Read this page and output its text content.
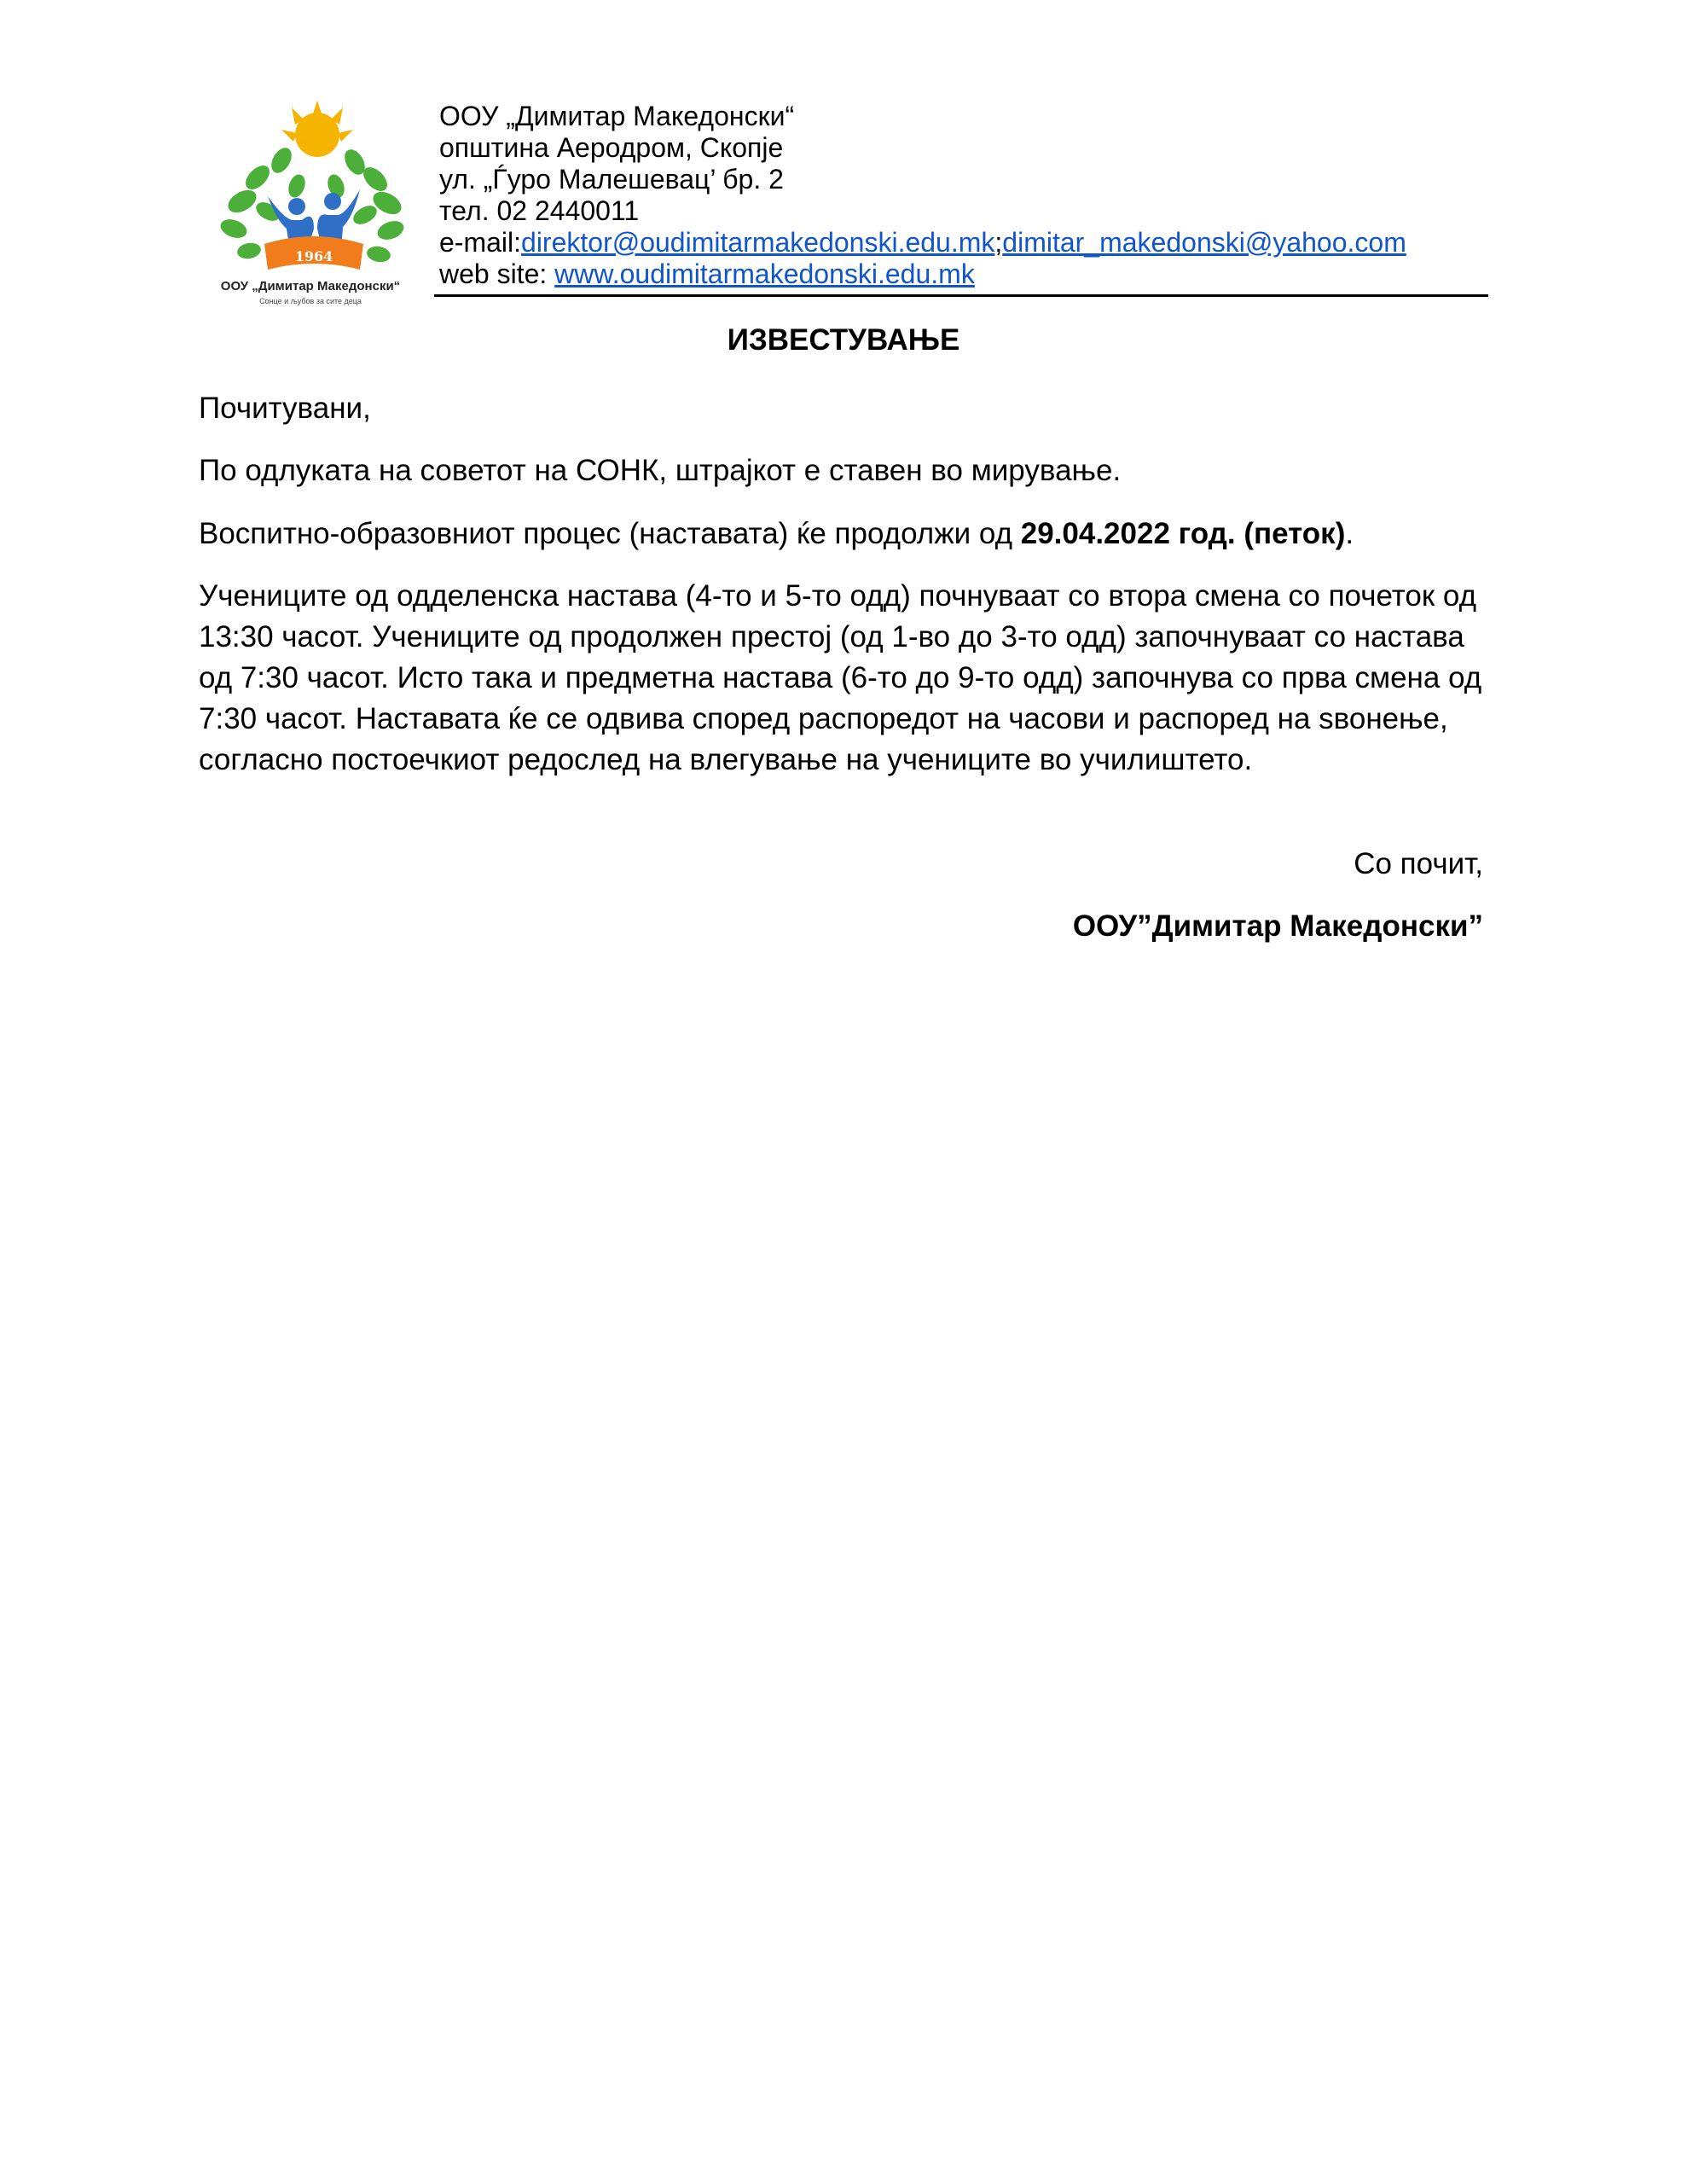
1964
ООУ „Димитар Македонски“
Сонце и љубов за сите деца
ООУ „Димитар Македонски“
општина Аеродром, Скопје
ул. „Ѓуро Малешевац’ бр. 2
тел. 02 2440011
e-mail:direktor@oudimitarmakedonski.edu.mk;dimitar_makedonski@yahoo.com
web site: www.oudimitarmakedonski.edu.mk
ИЗВЕСТУВАЊЕ

Почитувани,

По одлуката на советот на СОНК, штрајкот е ставен во мирување.

Воспитно-образовниот процес (наставата) ќе продолжи од 29.04.2022 год. (петок).

Учениците од одделенска настава (4-то и 5-то одд) почнуваат со втора смена со почеток од 13:30 часот. Учениците од продолжен престој (од 1-во до 3-то одд) започнуваат со настава од 7:30 часот. Исто така и предметна настава (6-то до 9-то одд) започнува со прва смена од 7:30 часот. Наставата ќе се одвива според распоредот на часови и распоред на ѕвонење, согласно постоечкиот редослед на влегување на учениците во училиштето.

Со почит,
ООУ”Димитар Македонски”
